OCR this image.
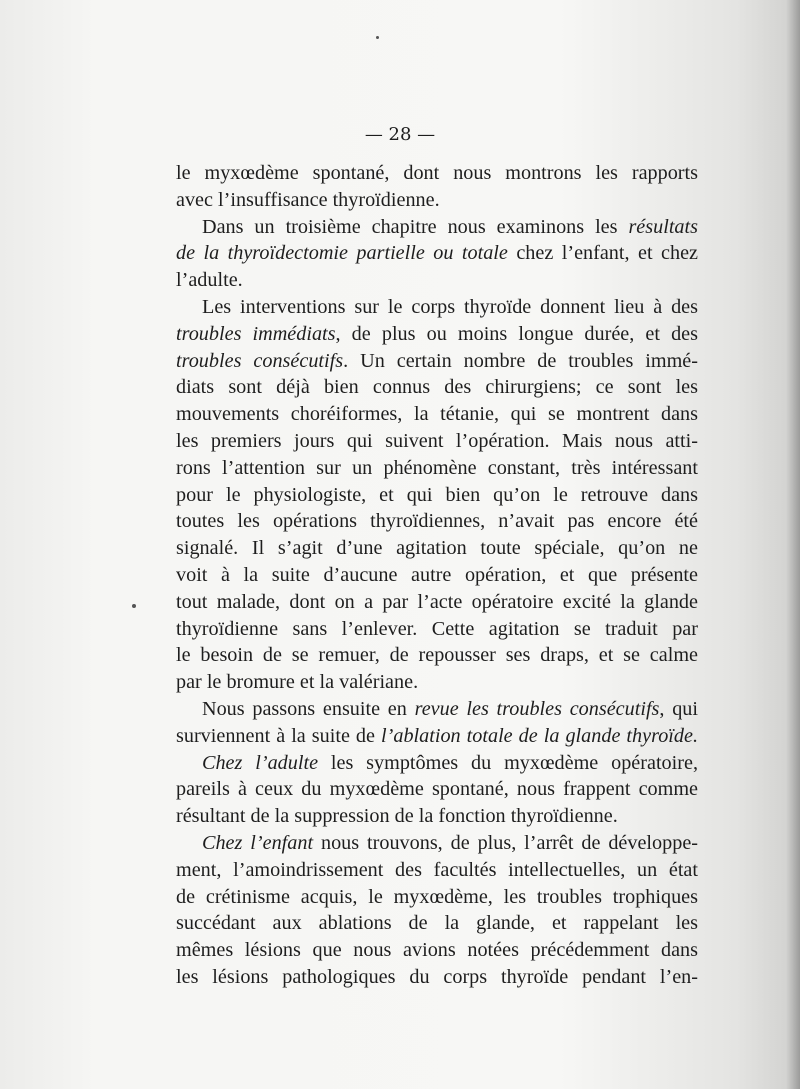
— 28 —
le myxœdème spontané, dont nous montrons les rapports
avec l’insuffisance thyroïdienne.
Dans un troisième chapitre nous examinons les résultats
de la thyroïdectomie partielle ou totale chez l’enfant, et chez
l’adulte.
Les interventions sur le corps thyroïde donnent lieu à des
troubles immédiats, de plus ou moins longue durée, et des
troubles consécutifs. Un certain nombre de troubles immé-
diats sont déjà bien connus des chirurgiens; ce sont les
mouvements choréiformes, la tétanie, qui se montrent dans
les premiers jours qui suivent l’opération. Mais nous atti-
rons l’attention sur un phénomène constant, très intéressant
pour le physiologiste, et qui bien qu’on le retrouve dans
toutes les opérations thyroïdiennes, n’avait pas encore été
signalé. Il s’agit d’une agitation toute spéciale, qu’on ne
voit à la suite d’aucune autre opération, et que présente
tout malade, dont on a par l’acte opératoire excité la glande
thyroïdienne sans l’enlever. Cette agitation se traduit par
le besoin de se remuer, de repousser ses draps, et se calme
par le bromure et la valériane.
Nous passons ensuite en revue les troubles consécutifs, qui
surviennent à la suite de l’ablation totale de la glande thyroïde.
Chez l’adulte les symptômes du myxœdème opératoire,
pareils à ceux du myxœdème spontané, nous frappent comme
résultant de la suppression de la fonction thyroïdienne.
Chez l’enfant nous trouvons, de plus, l’arrêt de développe-
ment, l’amoindrissement des facultés intellectuelles, un état
de crétinisme acquis, le myxœdème, les troubles trophiques
succédant aux ablations de la glande, et rappelant les
mêmes lésions que nous avions notées précédemment dans
les lésions pathologiques du corps thyroïde pendant l’en-
